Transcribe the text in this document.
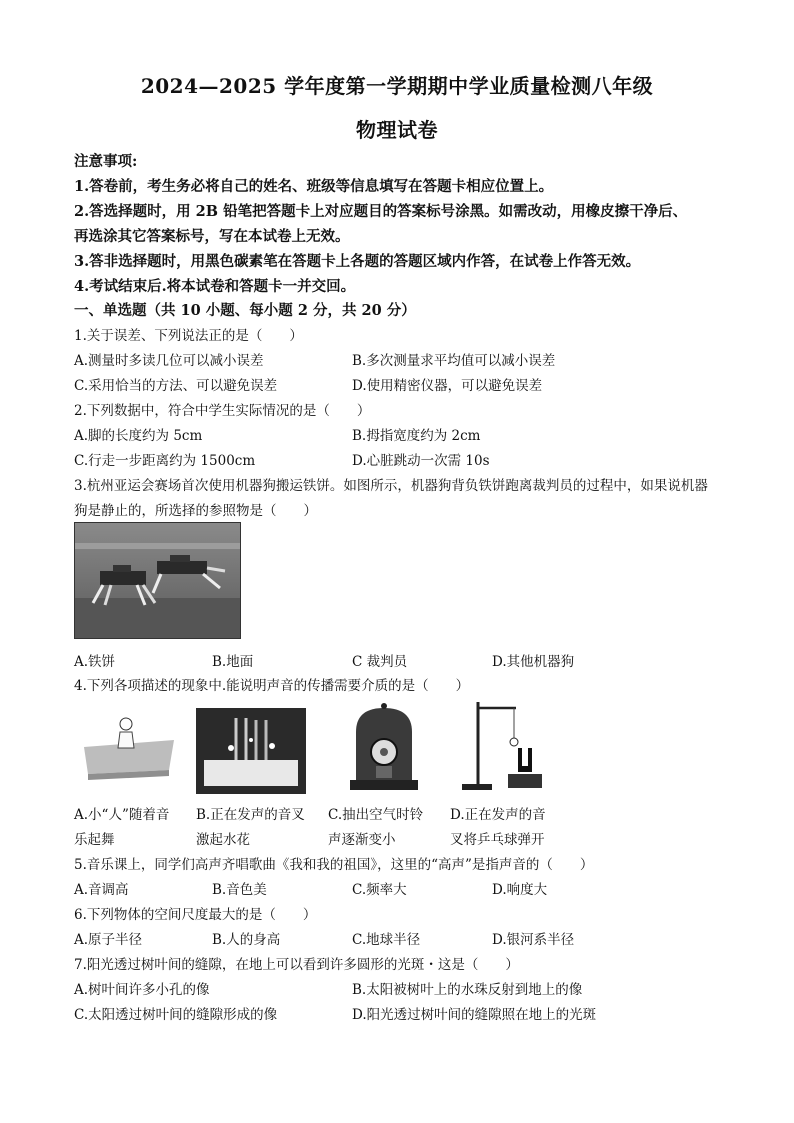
2024—2025 学年度第一学期期中学业质量检测八年级
物理试卷
注意事项:
1.答卷前，考生务必将自己的姓名、班级等信息填写在答题卡相应位置上。
2.答选择题时，用 2B 铅笔把答题卡上对应题目的答案标号涂黑。如需改动，用橡皮擦干净后、
再选涂其它答案标号，写在本试卷上无效。
3.答非选择题时，用黑色碳素笔在答题卡上各题的答题区域内作答，在试卷上作答无效。
4.考试结束后.将本试卷和答题卡一并交回。
一、单选题（共 10 小题、每小题 2 分，共 20 分）
1.关于误差、下列说法正的是（　　）
A.测量时多读几位可以减小误差	B.多次测量求平均值可以减小误差
C.采用恰当的方法、可以避免误差	D.使用精密仪器，可以避免误差
2.下列数据中，符合中学生实际情况的是（　　）
A.脚的长度约为 5cm	B.拇指宽度约为 2cm
C.行走一步距离约为 1500cm	D.心脏跳动一次需 10s
3.杭州亚运会赛场首次使用机器狗搬运铁饼。如图所示，机器狗背负铁饼跑离裁判员的过程中，如果说机器
狗是静止的，所选择的参照物是（　　）
A.铁饼	B.地面	C 裁判员	D.其他机器狗
4.下列各项描述的现象中.能说明声音的传播需要介质的是（　　）
A.小“人”随着音
乐起舞
B.正在发声的音叉
激起水花
C.抽出空气时铃
声逐渐变小
D.正在发声的音
叉将乒乓球弹开
5.音乐课上，同学们高声齐唱歌曲《我和我的祖国》，这里的“高声”是指声音的（　　）
A.音调高	B.音色美	C.频率大	D.响度大
6.下列物体的空间尺度最大的是（　　）
A.原子半径	B.人的身高	C.地球半径	D.银河系半径
7.阳光透过树叶间的缝隙，在地上可以看到许多圆形的光斑・这是（　　）
A.树叶间许多小孔的像	B.太阳被树叶上的水珠反射到地上的像
C.太阳透过树叶间的缝隙形成的像	D.阳光透过树叶间的缝隙照在地上的光斑
